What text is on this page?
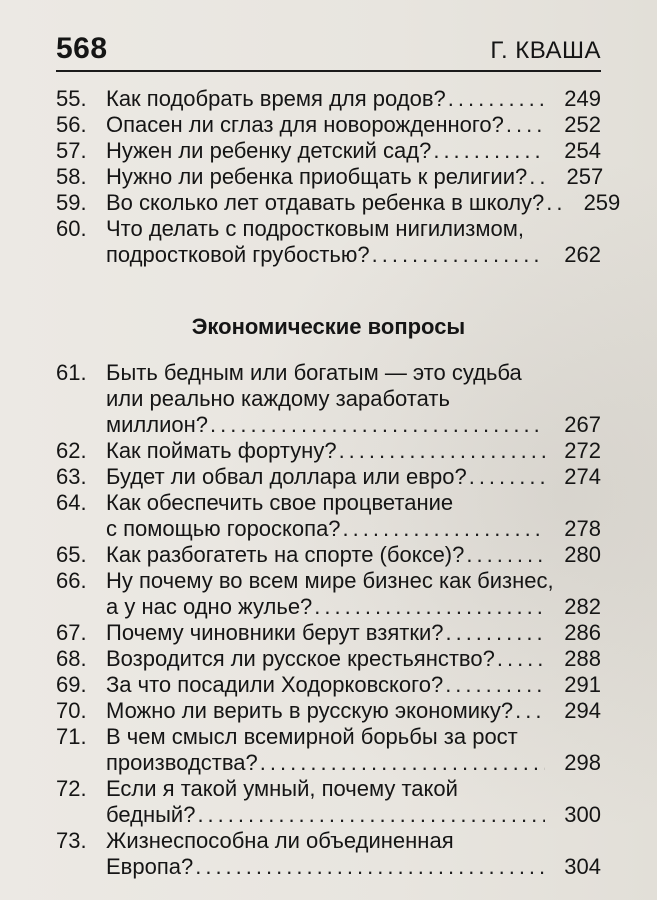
568	Г. КВАША
55. Как подобрать время для родов? .....	249
56. Опасен ли сглаз для новорожденного? .....	252
57. Нужен ли ребенку детский сад? .....	254
58. Нужно ли ребенка приобщать к религии? .....	257
59. Во сколько лет отдавать ребенка в школу? .....	259
60. Что делать с подростковым нигилизмом,
подростковой грубостью? .....	262
Экономические вопросы
61. Быть бедным или богатым — это судьба
или реально каждому заработать
миллион? .....	267
62. Как поймать фортуну? .....	272
63. Будет ли обвал доллара или евро? .....	274
64. Как обеспечить свое процветание
с помощью гороскопа? .....	278
65. Как разбогатеть на спорте (боксе)? .....	280
66. Ну почему во всем мире бизнес как бизнес,
а у нас одно жулье? .....	282
67. Почему чиновники берут взятки? .....	286
68. Возродится ли русское крестьянство? .....	288
69. За что посадили Ходорковского? .....	291
70. Можно ли верить в русскую экономику? .....	294
71. В чем смысл всемирной борьбы за рост
производства? .....	298
72. Если я такой умный, почему такой
бедный? .....	300
73. Жизнеспособна ли объединенная
Европа? .....	304
